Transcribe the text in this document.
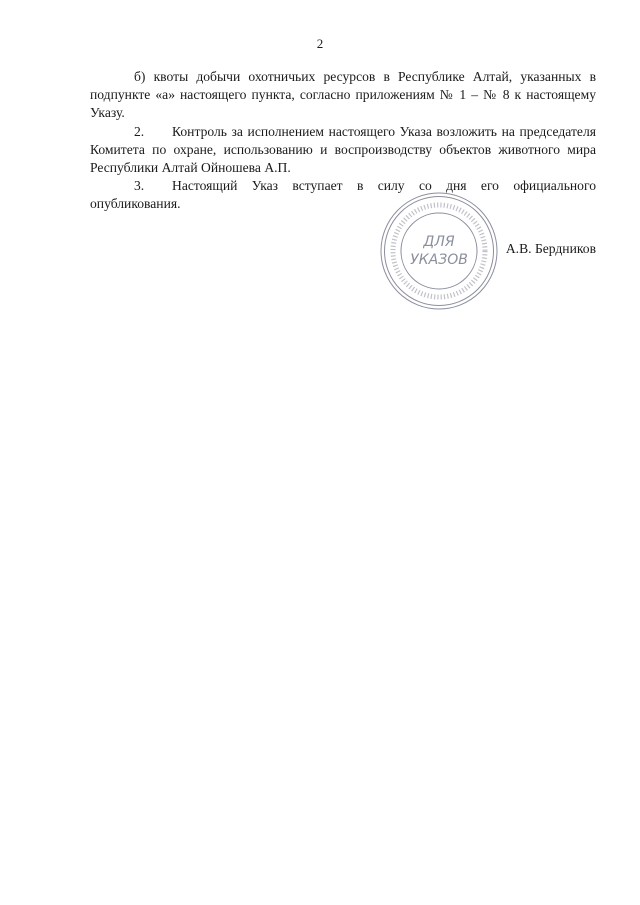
2

б) квоты добычи охотничьих ресурсов в Республике Алтай, указанных в подпункте «а» настоящего пункта, согласно приложениям № 1 – № 8 к настоящему Указу.

2. Контроль за исполнением настоящего Указа возложить на председателя Комитета по охране, использованию и воспроизводству объектов животного мира Республики Алтай Ойношева А.П.

3. Настоящий Указ вступает в силу со дня его официального опубликования.

А.В. Бердников
ДЛЯ
УКАЗОВ
